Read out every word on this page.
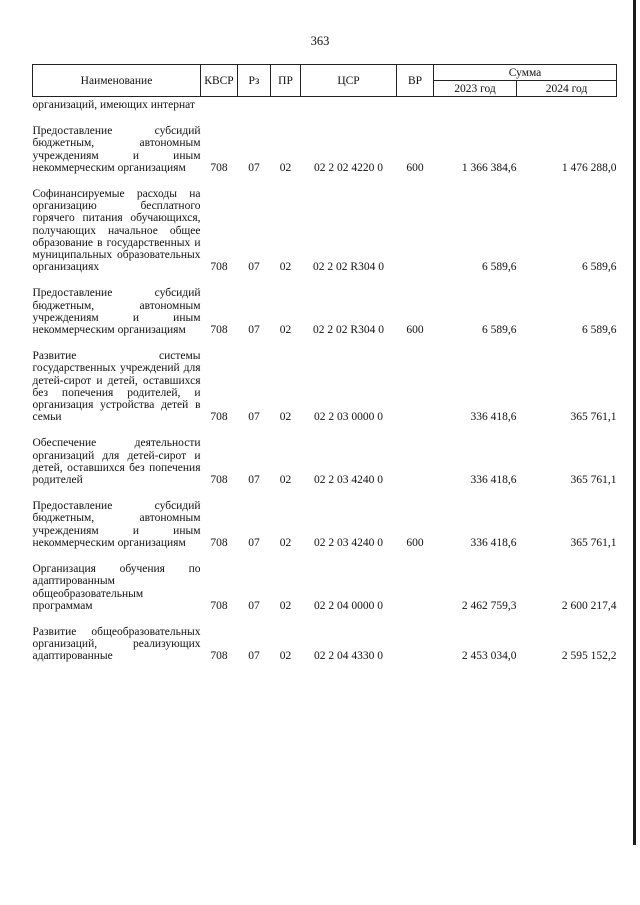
363
Наименование	КВСР	Рз	ПР	ЦСР	ВР	Сумма	
						2023 год	2024 год
организаций, имеющих интернат							

Предоставление субсидий бюджетным, автономным учреждениям и иным некоммерческим организациям	708	07	02	02 2 02 4220 0	600	1 366 384,6	1 476 288,0

Софинансируемые расходы на организацию бесплатного горячего питания обучающихся, получающих начальное общее образование в государственных и муниципальных образовательных организациях	708	07	02	02 2 02 R304 0		6 589,6	6 589,6

Предоставление субсидий бюджетным, автономным учреждениям и иным некоммерческим организациям	708	07	02	02 2 02 R304 0	600	6 589,6	6 589,6

Развитие системы государственных учреждений для детей-сирот и детей, оставшихся без попечения родителей, и организация устройства детей в семьи	708	07	02	02 2 03 0000 0		336 418,6	365 761,1

Обеспечение деятельности организаций для детей-сирот и детей, оставшихся без попечения родителей	708	07	02	02 2 03 4240 0		336 418,6	365 761,1

Предоставление субсидий бюджетным, автономным учреждениям и иным некоммерческим организациям	708	07	02	02 2 03 4240 0	600	336 418,6	365 761,1

Организация обучения по адаптированным общеобразовательным программам	708	07	02	02 2 04 0000 0		2 462 759,3	2 600 217,4

Развитие общеобразовательных организаций, реализующих адаптированные	708	07	02	02 2 04 4330 0		2 453 034,0	2 595 152,2
